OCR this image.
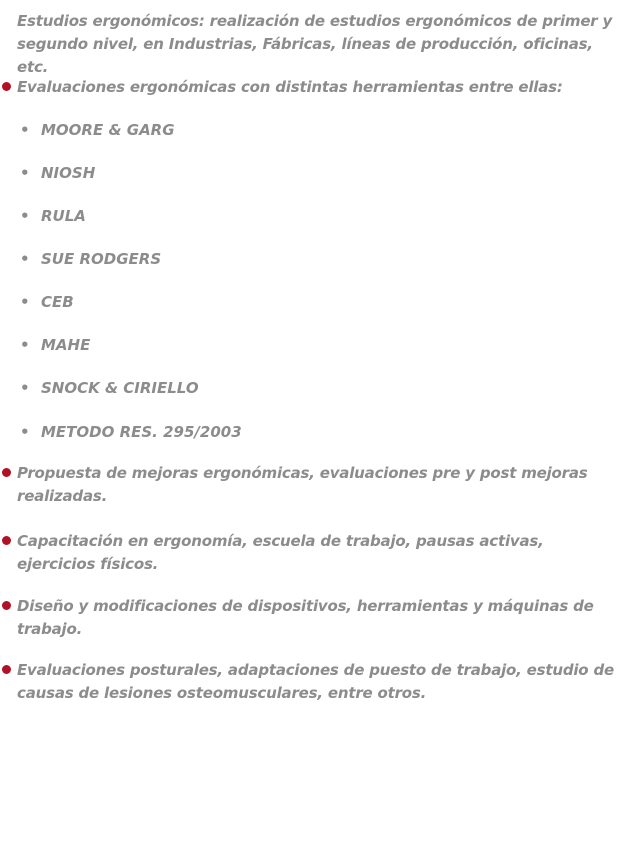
Estudios ergonómicos: realización de estudios ergonómicos de primer y segundo nivel, en Industrias, Fábricas, líneas de producción, oficinas, etc.
Evaluaciones ergonómicas con distintas herramientas entre ellas:
• MOORE & GARG
• NIOSH
• RULA
• SUE RODGERS
• CEB
• MAHE
• SNOCK & CIRIELLO
• METODO RES. 295/2003
Propuesta de mejoras ergonómicas, evaluaciones pre y post mejoras realizadas.
Capacitación en ergonomía, escuela de trabajo, pausas activas, ejercicios físicos.
Diseño y modificaciones de dispositivos, herramientas y máquinas de trabajo.
Evaluaciones posturales, adaptaciones de puesto de trabajo, estudio de causas de lesiones osteomusculares, entre otros.
